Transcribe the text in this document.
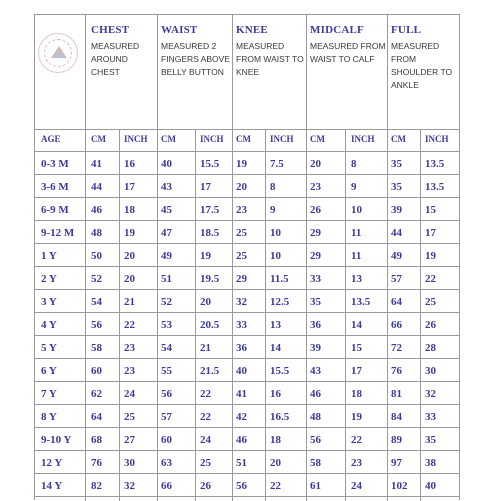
CHEST
MEASURED AROUND CHEST
WAIST
MEASURED 2 FINGERS ABOVE BELLY BUTTON
KNEE
MEASURED FROM WAIST TO KNEE
MIDCALF
MEASURED FROM WAIST TO CALF
FULL
MEASURED FROM SHOULDER TO ANKLE
AGE	CM INCH CM	INCH CM INCH CM	INCH CM INCH
0-3 M 41 16 40	15.5 19 7.5 20	8	35 13.5
3-6 M 44 17 43	17 20 8	23	9	35 13.5
6-9 M 46 18 45	17.5 23 9	26	10	39 15
9-12 M 48 19 47	18.5 25 10	29	11	44 17
1 Y	50 20 49	19 25 10	29	11	49 19
2 Y	52 20 51	19.5 29 11.5 33	13	57 22
3 Y	54 21 52	20 32 12.5 35	13.5 64 25
4 Y	56 22 53	20.5 33 13	36	14	66 26
5 Y	58 23 54	21 36 14	39	15	72 28
6 Y	60 23 55	21.5 40 15.5 43	17	76 30
7 Y	62 24 56	22 41 16	46	18	81 32
8 Y	64 25 57	22 42 16.5 48	19	84 33
9-10 Y 68 27 60	24 46 18	56	22	89 35
12 Y	76 30 63	25 51 20	58	23	97 38
14 Y	82 32 66	26 56 22	61	24	102 40
